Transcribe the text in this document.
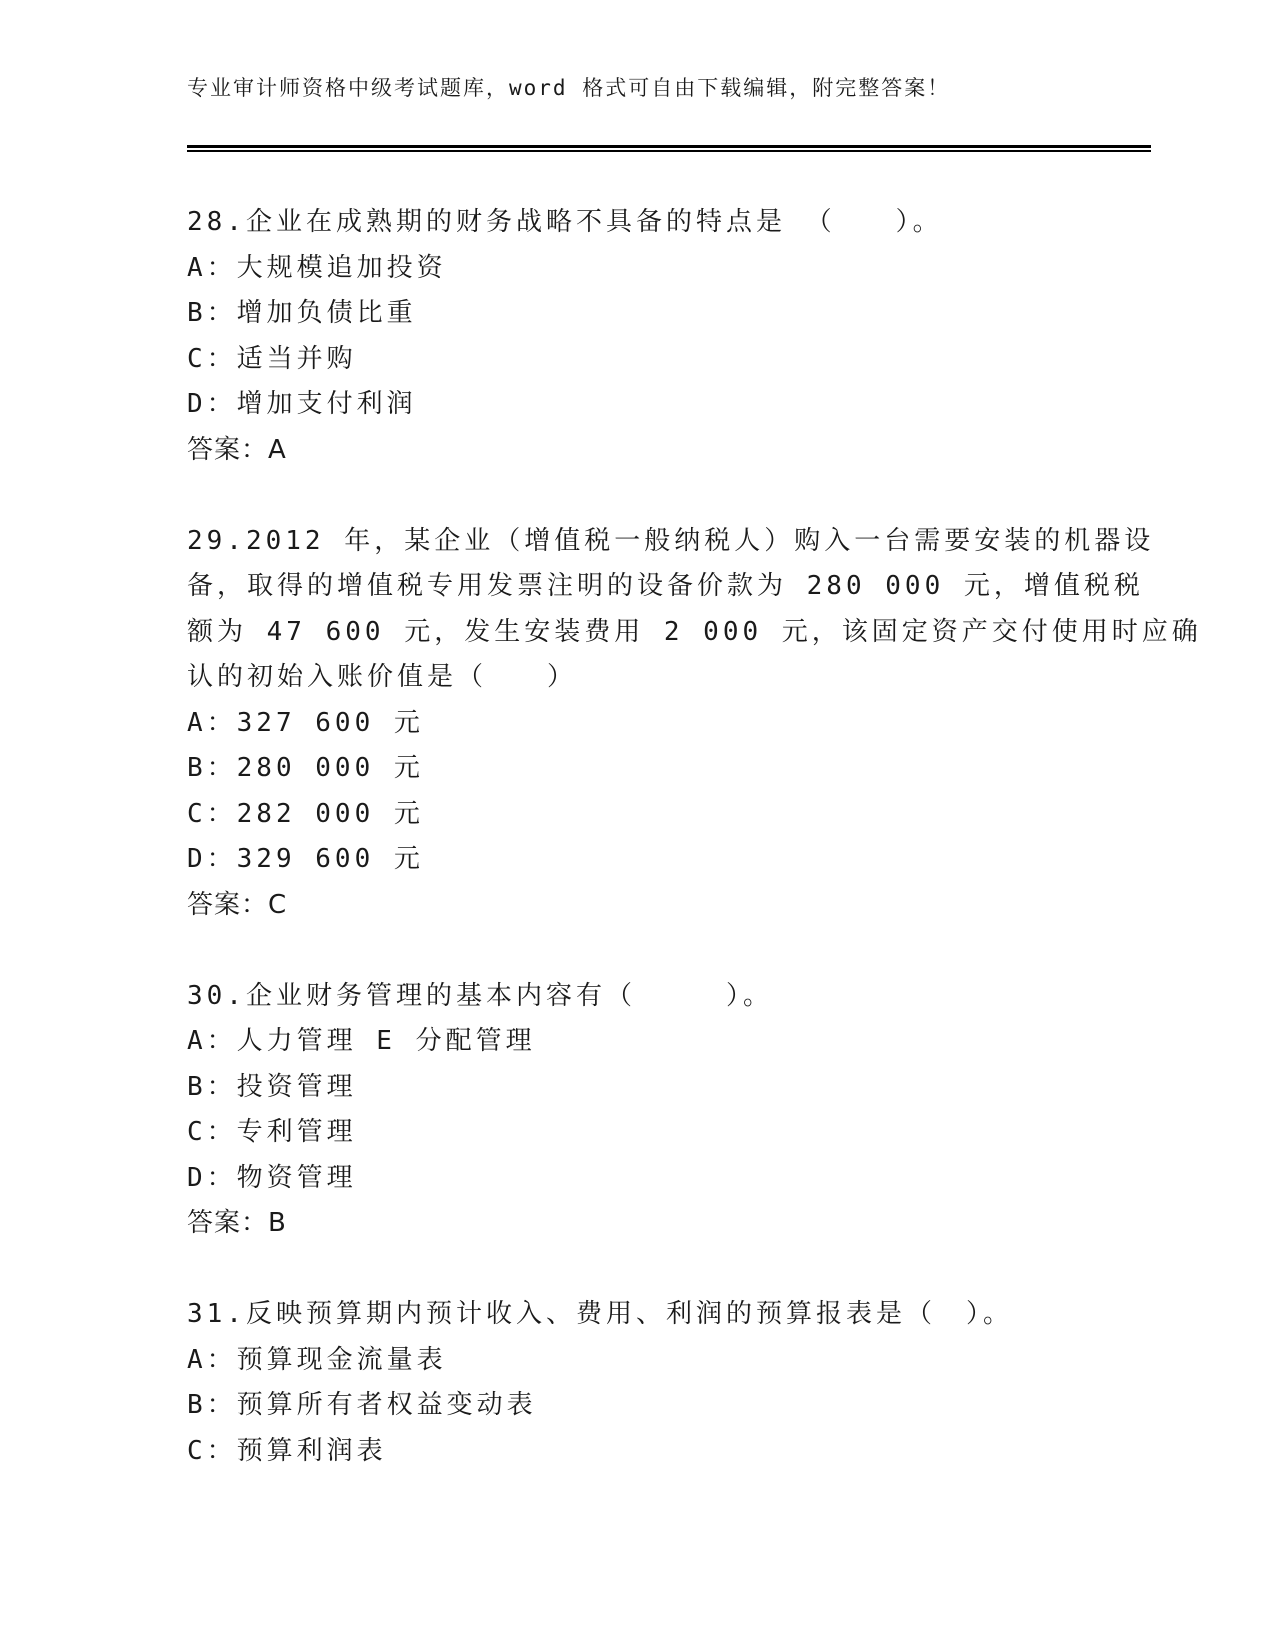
专业审计师资格中级考试题库，word 格式可自由下载编辑，附完整答案！
28.企业在成熟期的财务战略不具备的特点是 （　　）。
A：大规模追加投资
B：增加负债比重
C：适当并购
D：增加支付利润
答案：A
29.2012 年，某企业（增值税一般纳税人）购入一台需要安装的机器设
备，取得的增值税专用发票注明的设备价款为 280 000 元，增值税税
额为 47 600 元，发生安装费用 2 000 元，该固定资产交付使用时应确
认的初始入账价值是（　　）
A：327 600 元
B：280 000 元
C：282 000 元
D：329 600 元
答案：C
30.企业财务管理的基本内容有（　　　）。
A：人力管理 E 分配管理
B：投资管理
C：专利管理
D：物资管理
答案：B
31.反映预算期内预计收入、费用、利润的预算报表是（　）。
A：预算现金流量表
B：预算所有者权益变动表
C：预算利润表
